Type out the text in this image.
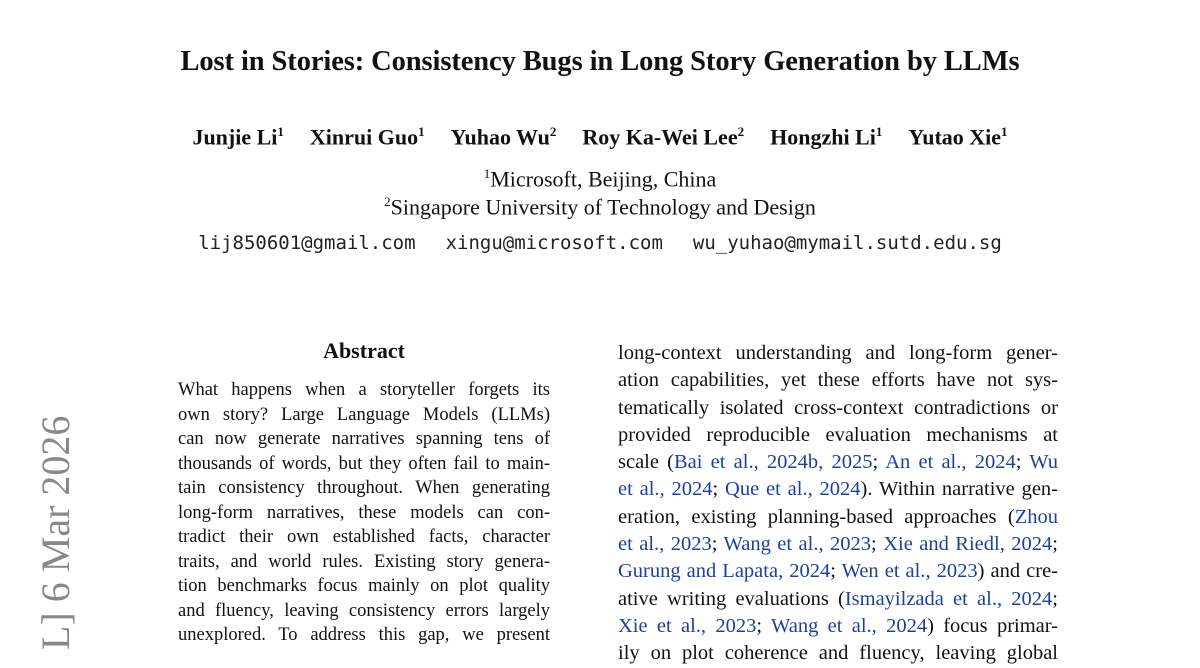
Lost in Stories: Consistency Bugs in Long Story Generation by LLMs
Junjie Li$^1$ Xinrui Guo$^1$ Yuhao Wu$^2$ Roy Ka-Wei Lee$^2$ Hongzhi Li$^1$ Yutao Xie$^1$
$^1$Microsoft, Beijing, China
$^2$Singapore University of Technology and Design
lij850601@gmail.com xingu@microsoft.com wu_yuhao@mymail.sutd.edu.sg
L] 6 Mar 2026
Abstract
What happens when a storyteller forgets its
own story? Large Language Models (LLMs)
can now generate narratives spanning tens of
thousands of words, but they often fail to main-
tain consistency throughout. When generating
long-form narratives, these models can con-
tradict their own established facts, character
traits, and world rules. Existing story genera-
tion benchmarks focus mainly on plot quality
and fluency, leaving consistency errors largely
unexplored. To address this gap, we present
long-context understanding and long-form gener-
ation capabilities, yet these efforts have not sys-
tematically isolated cross-context contradictions or
provided reproducible evaluation mechanisms at
scale (Bai et al., 2024b, 2025; An et al., 2024; Wu
et al., 2024; Que et al., 2024). Within narrative gen-
eration, existing planning-based approaches (Zhou
et al., 2023; Wang et al., 2023; Xie and Riedl, 2024;
Gurung and Lapata, 2024; Wen et al., 2023) and cre-
ative writing evaluations (Ismayilzada et al., 2024;
Xie et al., 2023; Wang et al., 2024) focus primar-
ily on plot coherence and fluency, leaving global
